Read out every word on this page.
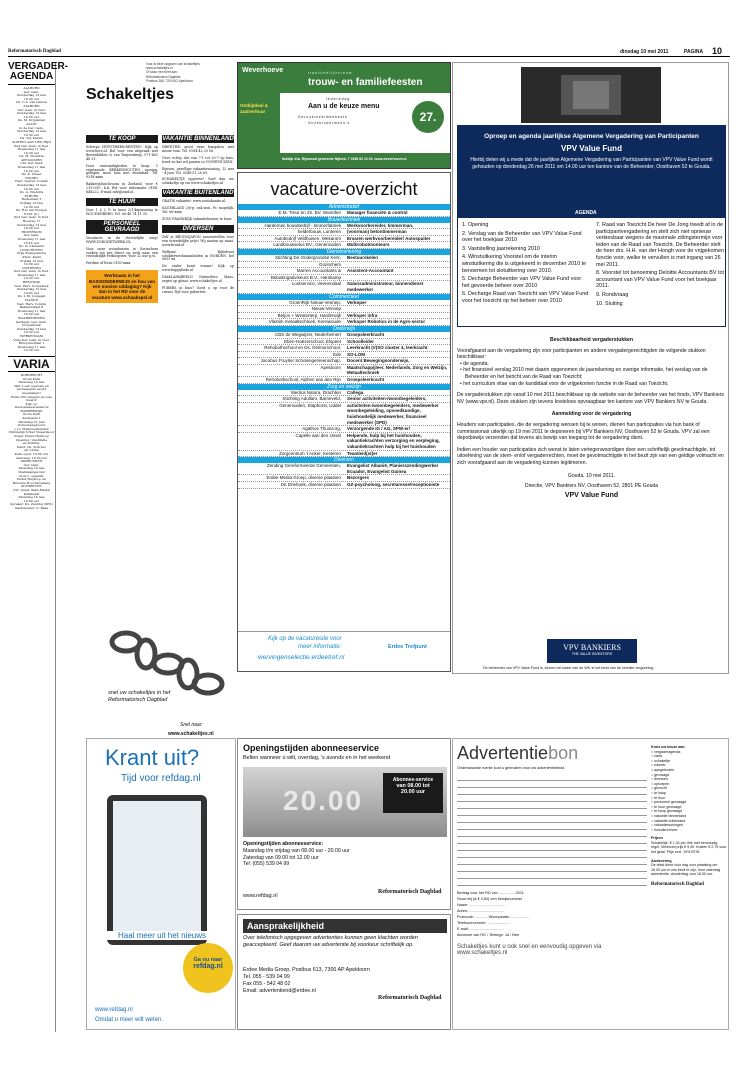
Reformatorisch Dagblad	dinsdag 10 mei 2011	PAGINA 10
VERGADER-AGENDA
AALBURG
Ger. Gem.
Donderdag 12 mei
19.30 uur
Ds. C.A. van Dieren
AALBURG
Ger. Gem. in Ned.
Donderdag 12 mei
19.30 uur
Ds. M. Krijgsman
AALST
in de Ger. Gem.
Donderdag 12 mei
19.30 uur
Ds. W.J. Karels
ALPHEN AAN DEN RIJN
Oud Ger. Gem. in Ned.
Woensdag 11 mei
19.30 uur
Ds. M. Mondria
APELDOORN
Chr. Ger. Kerk
Woensdag 11 mei
19.30 uur
Ds. K. Visser
DOORN
Herv. Gerref. Comité
Donderdag 12 mei
19.30 uur
Ds. A. Vlietstra
ELBURG
Berkelraat 3
Vrijdag 13 mei
19.30 uur
Ds. R.P. van Rooijen
ELST (U)
Oud Ger. Gem. in Ned.
Hoeweg 17
Donderdag 12 mei
19.30 uur
HILVERSUM
Ger. Gem.
Woensdag 11 mei
19.45 uur
Ds. G. Clements
LINSCHOTEN
Vrije Evangelische
(Herv. Kerk)
Vrijdag 13 mei
19.30 uur
OOSTBURG
Oud Ger. Gem. in Ned.
Woensdag 11 mei
19.30 uur
REEUWIJK
Ned. Herv. Dorpskerk
Donderdag 12 mei
19.45 uur
Ds. L.M. Jongejan
VIANEN
Ned. Herv. Comité
Bakkerstraat 8
Woensdag 11 mei
19.30 uur
WAARDENBURG
Kerkgeb. Ger. Gem.
Dorpsstraat
Donderdag 12 mei
19.30 uur
WERKENDAM
Vrije Ger. Gem. in Ned.
Bruigomstraat 1
Woensdag 11 mei
19.30 uur
VARIA
DORDRECHT
Grote Kerk
Zaterdag 14 mei
Wilt u een speciale en verrassende avond meemaken?
Ruim 350 zangers en vele musici!
Kijk op:
www.ahaaveredekt.nl
HARDERWIJK
Grote Kerk
Kerkplein 1
Zaterdag 21 juni
Zomerzangavond
o.l.v. Medewerkenden
Christelijk Urker Visserskoor
Orgel: Pieter Heykoop
Opening / meditatie
en sluiting:
Kand. Ch. Schreur
uit China
Kerk open: 19.00 uur
Aanvang: 19.30 uur
OPHEUSDEN
Ger. Gem.
Zaterdag 14 mei
Psalmzangavond
m.m.v. organist
Pieter Heykoop en
Betonne Hoornstrazang
SLEDRECHT
Chr. Geref. Beth-Elkerk
Kerkbaart
Zaterdag 14 mei
14.00 uur
Spreker: Ds. Zeiding (SEZ)
Gastspreker: G. Baas
Schakeltjes
Voor al deze opgaven van schakeltjes:
www.schakeltjes.nl
Of stuur een brief aan:
Reformatorisch Dagblad
Postbus 286, 7200 AG Apeldoorn
TE KOOP
Scherpe HYPOTHEEK-RENTES!! Kijk op www.herz.nl. Bel voor een afspraak met Bierenhilden & van Ruijsenberg. 071-402 48 31.
Door omstandigheden te koop: 2 vrijstaande BERKENHOUTEN woning, gelegen, mooi tuin met zwembad. Tel. 0318-xxxx
Bakkerij/lunchroom in Zeeland, voor € 215.000,- k.k. Bel voor informatie 0184-648222. E-mail info@zuid.nl
TE HUUR
Voor 1 à 2 ½ te huur 2/1-kapwoning te WOUDENBERG. Tel. 06-48 74 11 35.
PERSONEEL GEVRAAGD
Vacatures in de christelijke zorg! WWW.ZORGNETWERK.NL
Voor onze woonhuizen in Gorinchem zoeken wij per direct op zoek naar een vriendelijke verkoopster, voor 32 uur p.w.
Ferdine of Rens 0183-xxxx
Werkzaam in het BASISONDERWIJS en hou van een mooien uitdaging? Kijk dan in het RD voor de vacature www.schaakspel.nl
VAKANTIE BINNENLAND
DRENTHE, groot ruim bungalow met mooie tuin. Tel. 0184-42 20 08.
Gevr. echtp. dat van 7-1 tot 20-7 op huis, hond en kat wil passen in VOORTHUIZEN.
Rijssen, gezellige vakantiewoning, 12 mei - 4 juni. Tel. 0548-51 28 69.
SCHAKELTJE opgeven? Geef dan uw schakeltje op via www.schakeltjes.nl
VAKANTIE BUITENLAND
GRATIS vakantie! www.oostakantie.nl
SAUERLAND 2/8-p. vak.won. Fr. mogelijk. Tel. 06-xxxx
ZUID FRANKRIJK vakantiehuizen te huur
DIVERSEN
Zelf je BRUIDSJAPON samenstellen voor een vriendelijke prijs! Wij naaien op maat. www.bruid.nl
Welkom! Bijbelvast schilderwerkzaamheden in HORDEN, bel 0653-xx
De ouder komt ernaar! Kijk op www.happylinks.nl
DIAKLANKBEELD Natuurfoto Maas, zegen op gitaar. www.schakeltjes.nl
PUBERS in huis? Goed u op voor de cursus Tijd voor puberteit.
snel uw schakeltjes in het Reformatorisch Dagblad
Snel naar:
www.schakeltjes.nl
Weverhoeve	t r a d i t i e b l i j f t n i e u w
trouw- en familiefeesten
i e d e r e d a g
Aan u de keuze menu
G e r o o k t e z a l m d e b e s t e
O n z e k i n d e r m e n u ' s	27.
Ontbijtdeal & zaalverhuur
Noldijk 41a, Rijswoud gemeente Nijkerk, T 0185 62 12 20, www.weverhoeve.nl
vacature-overzicht
Administratief
E.M. Treur en Zn. BV, Woerden	Manager financiën & control
Bouw/techniek
Hardeman bouwbedrijf - timmerfabriek	Werkvoorbereider, timmerman,
kelderbouw, Lunteren	(voorman) betontimmerman
Autobedrijf Veldhuisen, Wekarom	Ervaren werkvoorbereider/ Autospuiter
Landbouwselus BV., Genemuiden	Multirobotmonteurs
Dienstverlening
Stichting De Ondergrondse Kerk,	Bestuurskelen
Gorinchem
Marren Accountants &	Assistent-Accountant
Belastingadviseurs B.V., Harskamp
Lootservice, Veenendaal	Salarisadministrateur, binnendienst medewerker
Commercieel
GroenRijk Nieuw-Vennep,	Verkoper
Nieuw-Vennep
Beljon + Westerterp, Harderwijk	Verkoper infra
Vlastim metaaltechniek, Kenswoude	Verkoper Robotics in de Agro-sector
Onderwijs
CBS de Wegwijzer, Nederhemert	Groepsleerkracht
Eben-Haëzerschool, Elspeet	Schoolleider
Rehobothschool en Ds. Delmorschool,	Leerkracht (V)SO cluster 4, leerkracht
Ede	SO-LOM
Jacobus Fruytier Scholengemeenschap,	Docent Bewegingsonderwijs,
Apeldoorn	Maatschappijleer, Nederlands, Zorg en Welzijn, Metaaltechniek
Rehobothschool, Alphen aan den Rijn	Groepsleerkracht
Zorg en welzijn
Medica Natura, Drachten	Collega
Stichting Adullam, Barneveld,	Senior activiteiten-/woonbegeleiders,
Genemuiden, Staphorst, Uddel	activiteiten-/woonbegeleiders, medewerker woonbegeleiding, opvoedkundige, huishoudelijk medewerker, financieel medewerker (SPD)
Agathos Thuiszorg,	Verzorgende IG / AG, SPW-er/
Capelle aan den IJssel	Helpende, hulp bij het huishouden, vakantiekrachten verzorging en verpleging, vakantiekrachten hulp bij het huishouden
Zorgcentrum 't Anker, Kesteren	Teamleid(st)er
Diversen
Zending Gereformeerde Gemeenten,	Evangelist Albanië, Planierszendingwerker Ecuador, Evangelist Guinea
Erdee Media Groep, diverse plaatsen	Bezorgers
De Driehoek, diverse plaatsen	GZ-psycholoog, secretaresse/receptioniste
Kijk op de vacaturesite voor
meer informatie:
wervingenselectie.erdeetref.nl
Erdee Trefpunt
Oproep en agenda jaarlijkse Algemene Vergadering van Participanten
VPV Value Fund
Hierbij delen wij u mede dat de jaarlijkse Algemene Vergadering van Participanten van VPV Value Fund wordt gehouden op donderdag 26 mei 2011 om 14.00 uur ten kantore van de Beheerder, Oosthaven 52 te Gouda.
AGENDA
1. Opening
2. Verslag van de Beheerder van VPV Value Fund over het boekjaar 2010
3. Vaststelling jaarrekening 2010
4. Winstuitkering Voorstel om de interim winstuitkering die is uitgekeerd in december 2010 te benoemen tot slotuitkering over 2010.
5. Decharge Beheerder van VPV Value Fund voor het gevoerde beheer over 2010
6. Decharge Raad van Toezicht van VPV Value Fund voor het toezicht op het beheer over 2010
7. Raad van Toezicht De heer De Jong treedt af in de participantvergadering en stelt zich niet opnieuw verkiesbaar wegens de maximale zittingstermijn voor leden van de Raad van Toezicht. De Beheerder stelt de heer drs. H.H. van der Hoogh voor de vrijgekomen functie voor, welke te vervullen is met ingang van 26 mei 2011.
8. Voorstel tot benoeming Deloitte Accountants BV tot accountant van VPV Value Fund voor het boekjaar 2011.
9. Rondvraag
10. Sluiting
Beschikbaarheid vergaderstukken
Voorafgaand aan de vergadering zijn voor participanten en andere vergadergerechtigden de volgende stukken beschikbaar:
• de agenda;
• het financieel verslag 2010 met daarin opgenomen de jaarrekening en overige informatie, het verslag van de Beheerder en het bericht van de Raad van Toezicht;
• het curriculum vitae van de kandidaat voor de vrijgekomen functie in de Raad van Toezicht.
De vergaderstukken zijn vanaf 10 mei 2011 beschikbaar op de website van de beheerder van het fonds, VPV Bankiers NV (www.vpv.nl). Deze stukken zijn tevens kosteloos opvraagbaar ten kantore van VPV Bankiers NV te Gouda.
Aanmelding voor de vergadering
Houders van participaties, die de vergadering wensen bij te wonen, dienen hun participaties via hun bank of commissionair uiterlijk op 19 mei 2011 te deponeren bij VPV Bankiers NV, Oosthaven 52 te Gouda. VPV zal een depotbewijs verzenden dat tevens als bewijs van toegang tot de vergadering dient.
Indien een houder van participaties zich wenst te laten vertegenwoordigen door een schriftelijk gevolmachtigde, tot uitoefening van de stem- en/of vergaderrechten, moet de gevolmachtigde in het bezit zijn van een geldige volmacht en zich voorafgaand aan de vergadering kunnen legitimeren.
Gouda, 10 mei 2011.
Directie, VPV Bankiers NV, Oosthaven 52, 2801 PE Gouda
VPV Value Fund
VPV BANKIERS
THE VALUE INVESTORS
De beheerder van VPV Value Fund is, binnen het kader van de Wft, in het bezit van de vereiste vergunning.
Krant uit?
Tijd voor refdag.nl
Haal meer uit het nieuws
Ga nu naar
refdag.nl
www.refdag.nl
Omdat u meer wilt weten.
Openingstijden abonneeservice
Bellen wanneer ú wilt, overdag, 's avonds en in het weekend
20.00
Abonnee-service
van 08.00 tot
20.00 uur
Openingstijden abonneeservice:
Maandag t/m vrijdag van 08.00 uur - 20.00 uur
Zaterdag van 09.00 tot 12.00 uur
Tel: (055) 539 04 99
www.refdag.nl
Reformatorisch Dagblad
Aansprakelijkheid
Over telefonisch opgegeven advertenties kunnen geen klachten worden geaccepteerd. Geef daarom uw advertentie bij voorkeur schriftelijk op.
Erdee Media Groep, Postbus 613, 7300 AP Apeldoorn
Tel. 055 - 539 04 99
Fax 055 - 542 48 02
Email: advertentiend@erdee.nl
Reformatorisch Dagblad
Advertentiebon
Onderstaande ruimte kunt u gebruiken voor uw advertentietekst.
Bedrag voor het RD van ................2011
Stuur mij (à € 3,50) een bewijsnummer
Naam: ..................................
Adres: .................................
Postcode: ............ Woonplaats: .................
Telefoonnummer: ......................
E-mail: ................................
Abonnee van RD / Terdege: Ja / Nee
Schakeltjes kunt u ook snel en eenvoudig opgeven via www.schakeltjes.nl
Kruis uw keuze aan:
○ vergaderagenda
○ varia
○ schakeltje
○ rubriek:
○ aangeboden
○ gevraagd
○ diversen
○ oproepen
○ gezocht
○ te koop
○ te huur
○ personeel gevraagd
○ te huur gevraagd
○ te koop gevraagd
○ vakantie binnenland
○ vakantie buitenland
○ vakantiewoningen
○ huisdieren/vee
Prijzen
Schakeltje: € 1,34 per drie met eenvoudig regel. Minimum prijs € 9,40. Kosten € 2,75 voor het getal. Prijs excl. 19% BTW.
Aanlevering
De tekst dient vóór dag voor plaatsing om 16.00 uur in ons bezit te zijn. Voor zaterdag advertentie: donderdag voor 16.00 uur.
Reformatorisch Dagblad
